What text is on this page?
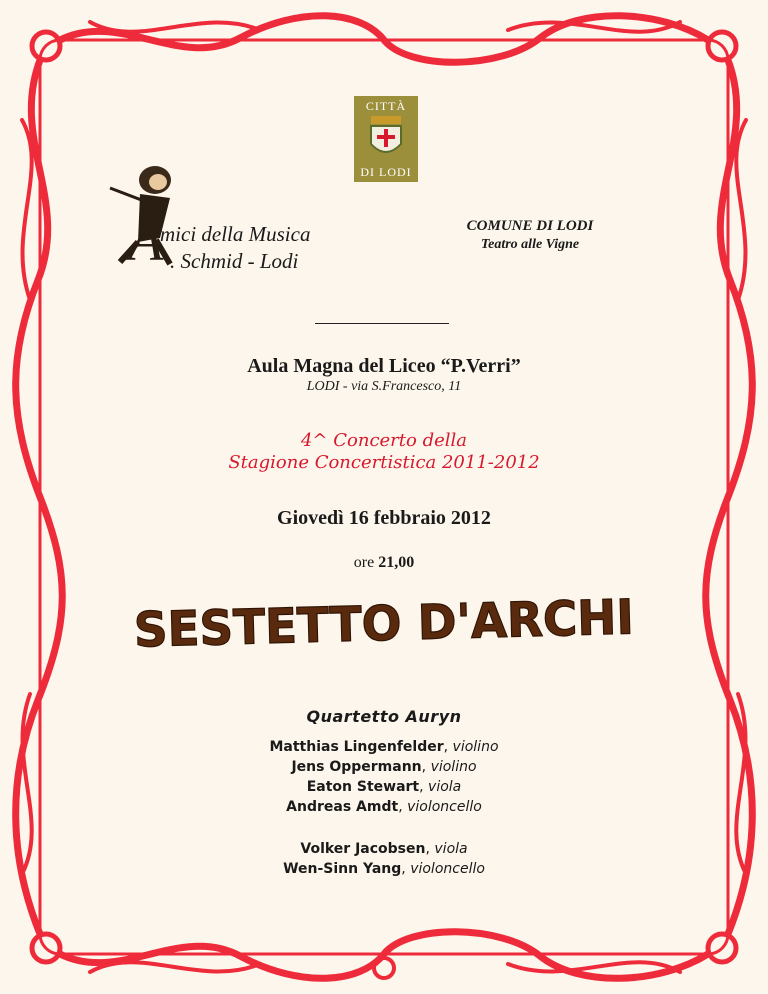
CITTÀ
DI LODI
A
mici della Musica
. Schmid - Lodi
COMUNE DI LODI
Teatro alle Vigne
Aula Magna del Liceo “P.Verri”
LODI - via S.Francesco, 11
4^ Concerto della
Stagione Concertistica 2011-2012
Giovedì 16 febbraio 2012
ore 21,00
SESTETTO D'ARCHI
Quartetto Auryn
Matthias Lingenfelder, violino
Jens Oppermann, violino
Eaton Stewart, viola
Andreas Amdt, violoncello
Volker Jacobsen, viola
Wen-Sinn Yang, violoncello
